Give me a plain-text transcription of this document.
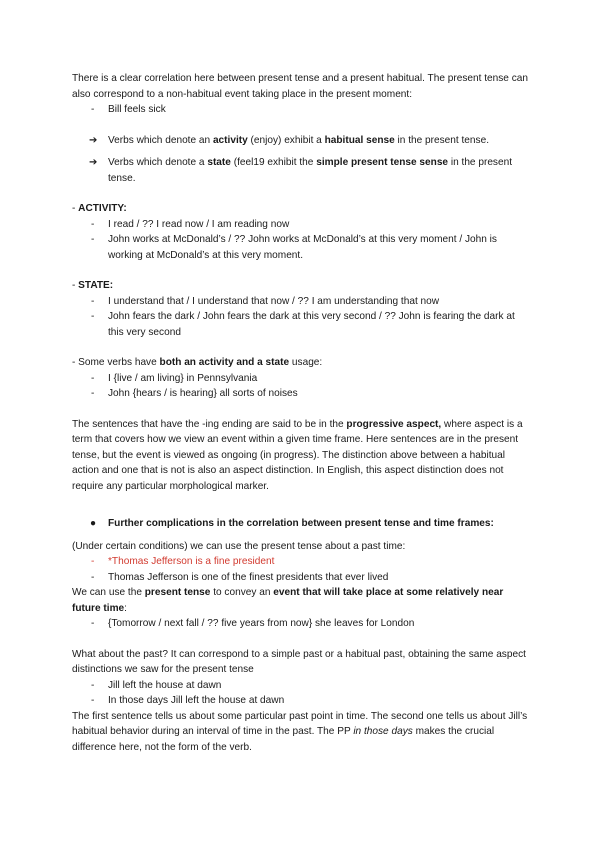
There is a clear correlation here between present tense and a present habitual. The present tense can also correspond to a non-habitual event taking place in the present moment:

- Bill feels sick
➔ Verbs which denote an activity (enjoy) exhibit a habitual sense in the present tense.
➔ Verbs which denote a state (feel19 exhibit the simple present tense sense in the present tense.

- ACTIVITY:

- I read / ?? I read now / I am reading now
- John works at McDonald’s / ?? John works at McDonald’s at this very moment / John is working at McDonald’s at this very moment.

- STATE:

- I understand that / I understand that now / ?? I am understanding that now
- John fears the dark / John fears the dark at this very second / ?? John is fearing the dark at this very second

- Some verbs have both an activity and a state usage:

- I {live / am living} in Pennsylvania
- John {hears / is hearing} all sorts of noises

The sentences that have the -ing ending are said to be in the progressive aspect, where aspect is a term that covers how we view an event within a given time frame. Here sentences are in the present tense, but the event is viewed as ongoing (in progress). The distinction above between a habitual action and one that is not is also an aspect distinction. In English, this aspect distinction does not require any particular morphological marker.

● Further complications in the correlation between present tense and time frames:

(Under certain conditions) we can use the present tense about a past time:

- *Thomas Jefferson is a fine president
- Thomas Jefferson is one of the finest presidents that ever lived

We can use the present tense to convey an event that will take place at some relatively near future time:

- {Tomorrow / next fall / ?? five years from now} she leaves for London

What about the past? It can correspond to a simple past or a habitual past, obtaining the same aspect distinctions we saw for the present tense

- Jill left the house at dawn
- In those days Jill left the house at dawn

The first sentence tells us about some particular past point in time. The second one tells us about Jill’s habitual behavior during an interval of time in the past. The PP in those days makes the crucial difference here, not the form of the verb.
